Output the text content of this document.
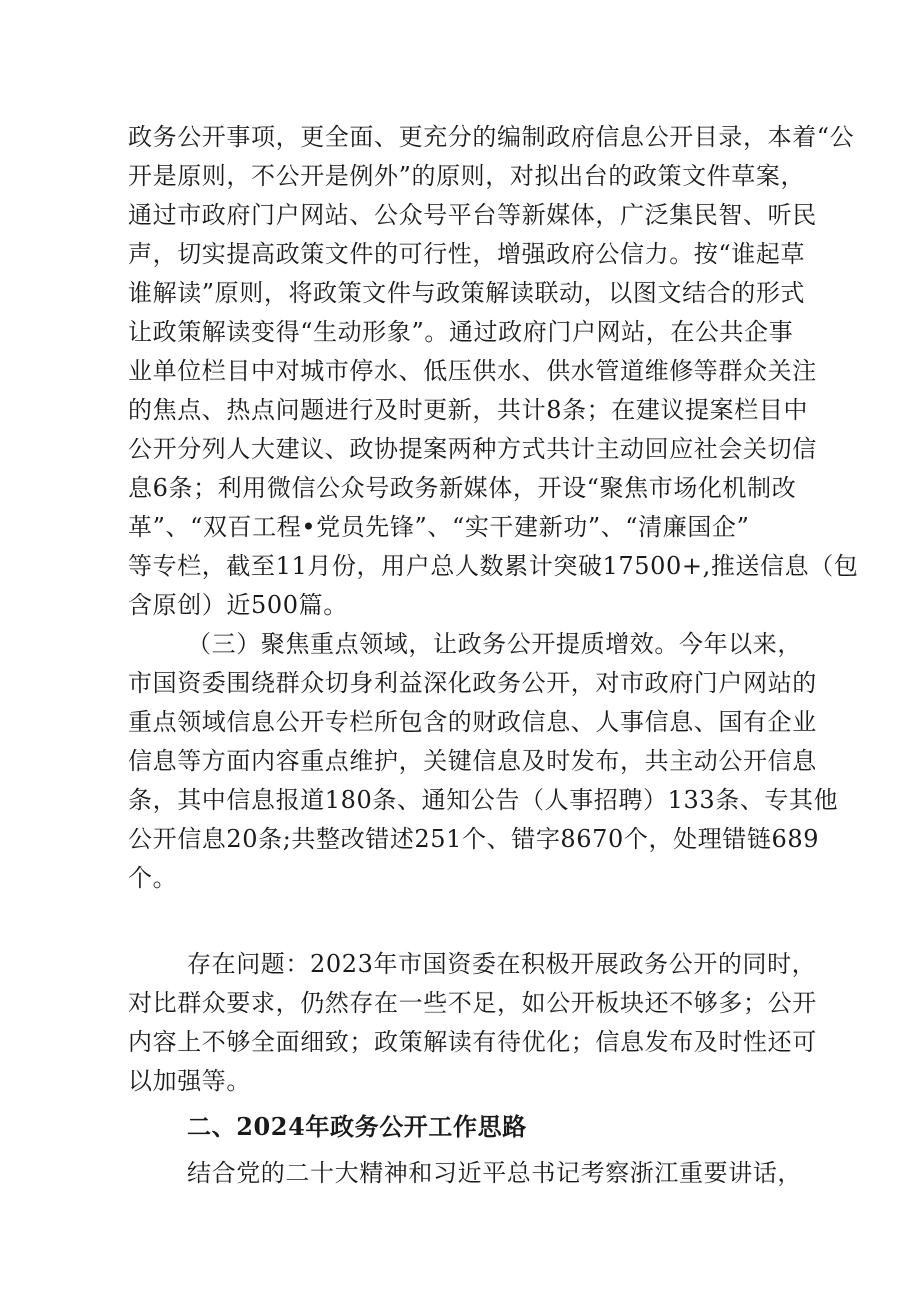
政务公开事项，更全面、更充分的编制政府信息公开目录，本着“公
开是原则，不公开是例外”的原则，对拟出台的政策文件草案，
通过市政府门户网站、公众号平台等新媒体，广泛集民智、听民
声，切实提高政策文件的可行性，增强政府公信力。按“谁起草
谁解读”原则，将政策文件与政策解读联动，以图文结合的形式
让政策解读变得“生动形象”。通过政府门户网站，在公共企事
业单位栏目中对城市停水、低压供水、供水管道维修等群众关注
的焦点、热点问题进行及时更新，共计8条；在建议提案栏目中
公开分列人大建议、政协提案两种方式共计主动回应社会关切信
息6条；利用微信公众号政务新媒体，开设“聚焦市场化机制改
革”、“双百工程•党员先锋”、“实干建新功”、“清廉国企”
等专栏，截至11月份，用户总人数累计突破17500+,推送信息（包
含原创）近500篇。
（三）聚焦重点领域，让政务公开提质增效。今年以来，
市国资委围绕群众切身利益深化政务公开，对市政府门户网站的
重点领域信息公开专栏所包含的财政信息、人事信息、国有企业
信息等方面内容重点维护，关键信息及时发布，共主动公开信息
条，其中信息报道180条、通知公告（人事招聘）133条、专其他
公开信息20条;共整改错述251个、错字8670个，处理错链689
个。
存在问题：2023年市国资委在积极开展政务公开的同时，
对比群众要求，仍然存在一些不足，如公开板块还不够多；公开
内容上不够全面细致；政策解读有待优化；信息发布及时性还可
以加强等。
二、2024年政务公开工作思路
结合党的二十大精神和习近平总书记考察浙江重要讲话，
